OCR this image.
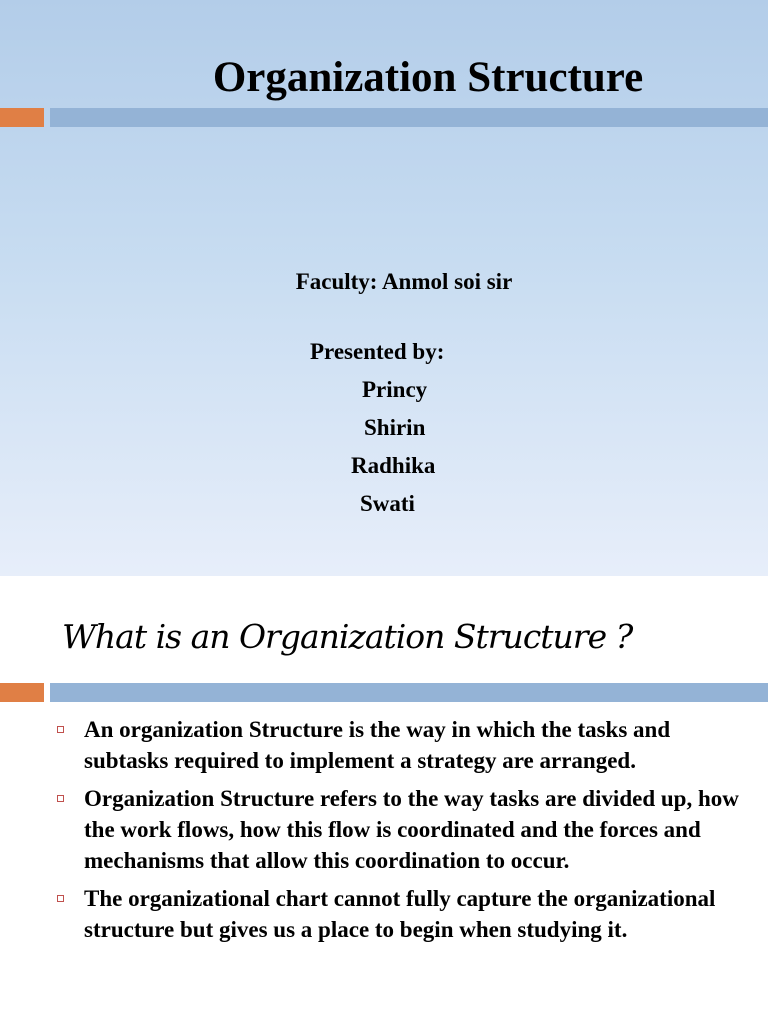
Organization Structure
Faculty: Anmol soi sir
Presented by:
Princy
Shirin
Radhika
Swati
What is an Organization Structure ?
An organization Structure is the way in which the tasks and subtasks required to implement a strategy are arranged.
Organization Structure refers to the way tasks are divided up, how the work flows, how this flow is coordinated and the forces and mechanisms that allow this coordination to occur.
The organizational chart cannot fully capture the organizational structure but gives us a place to begin when studying it.
